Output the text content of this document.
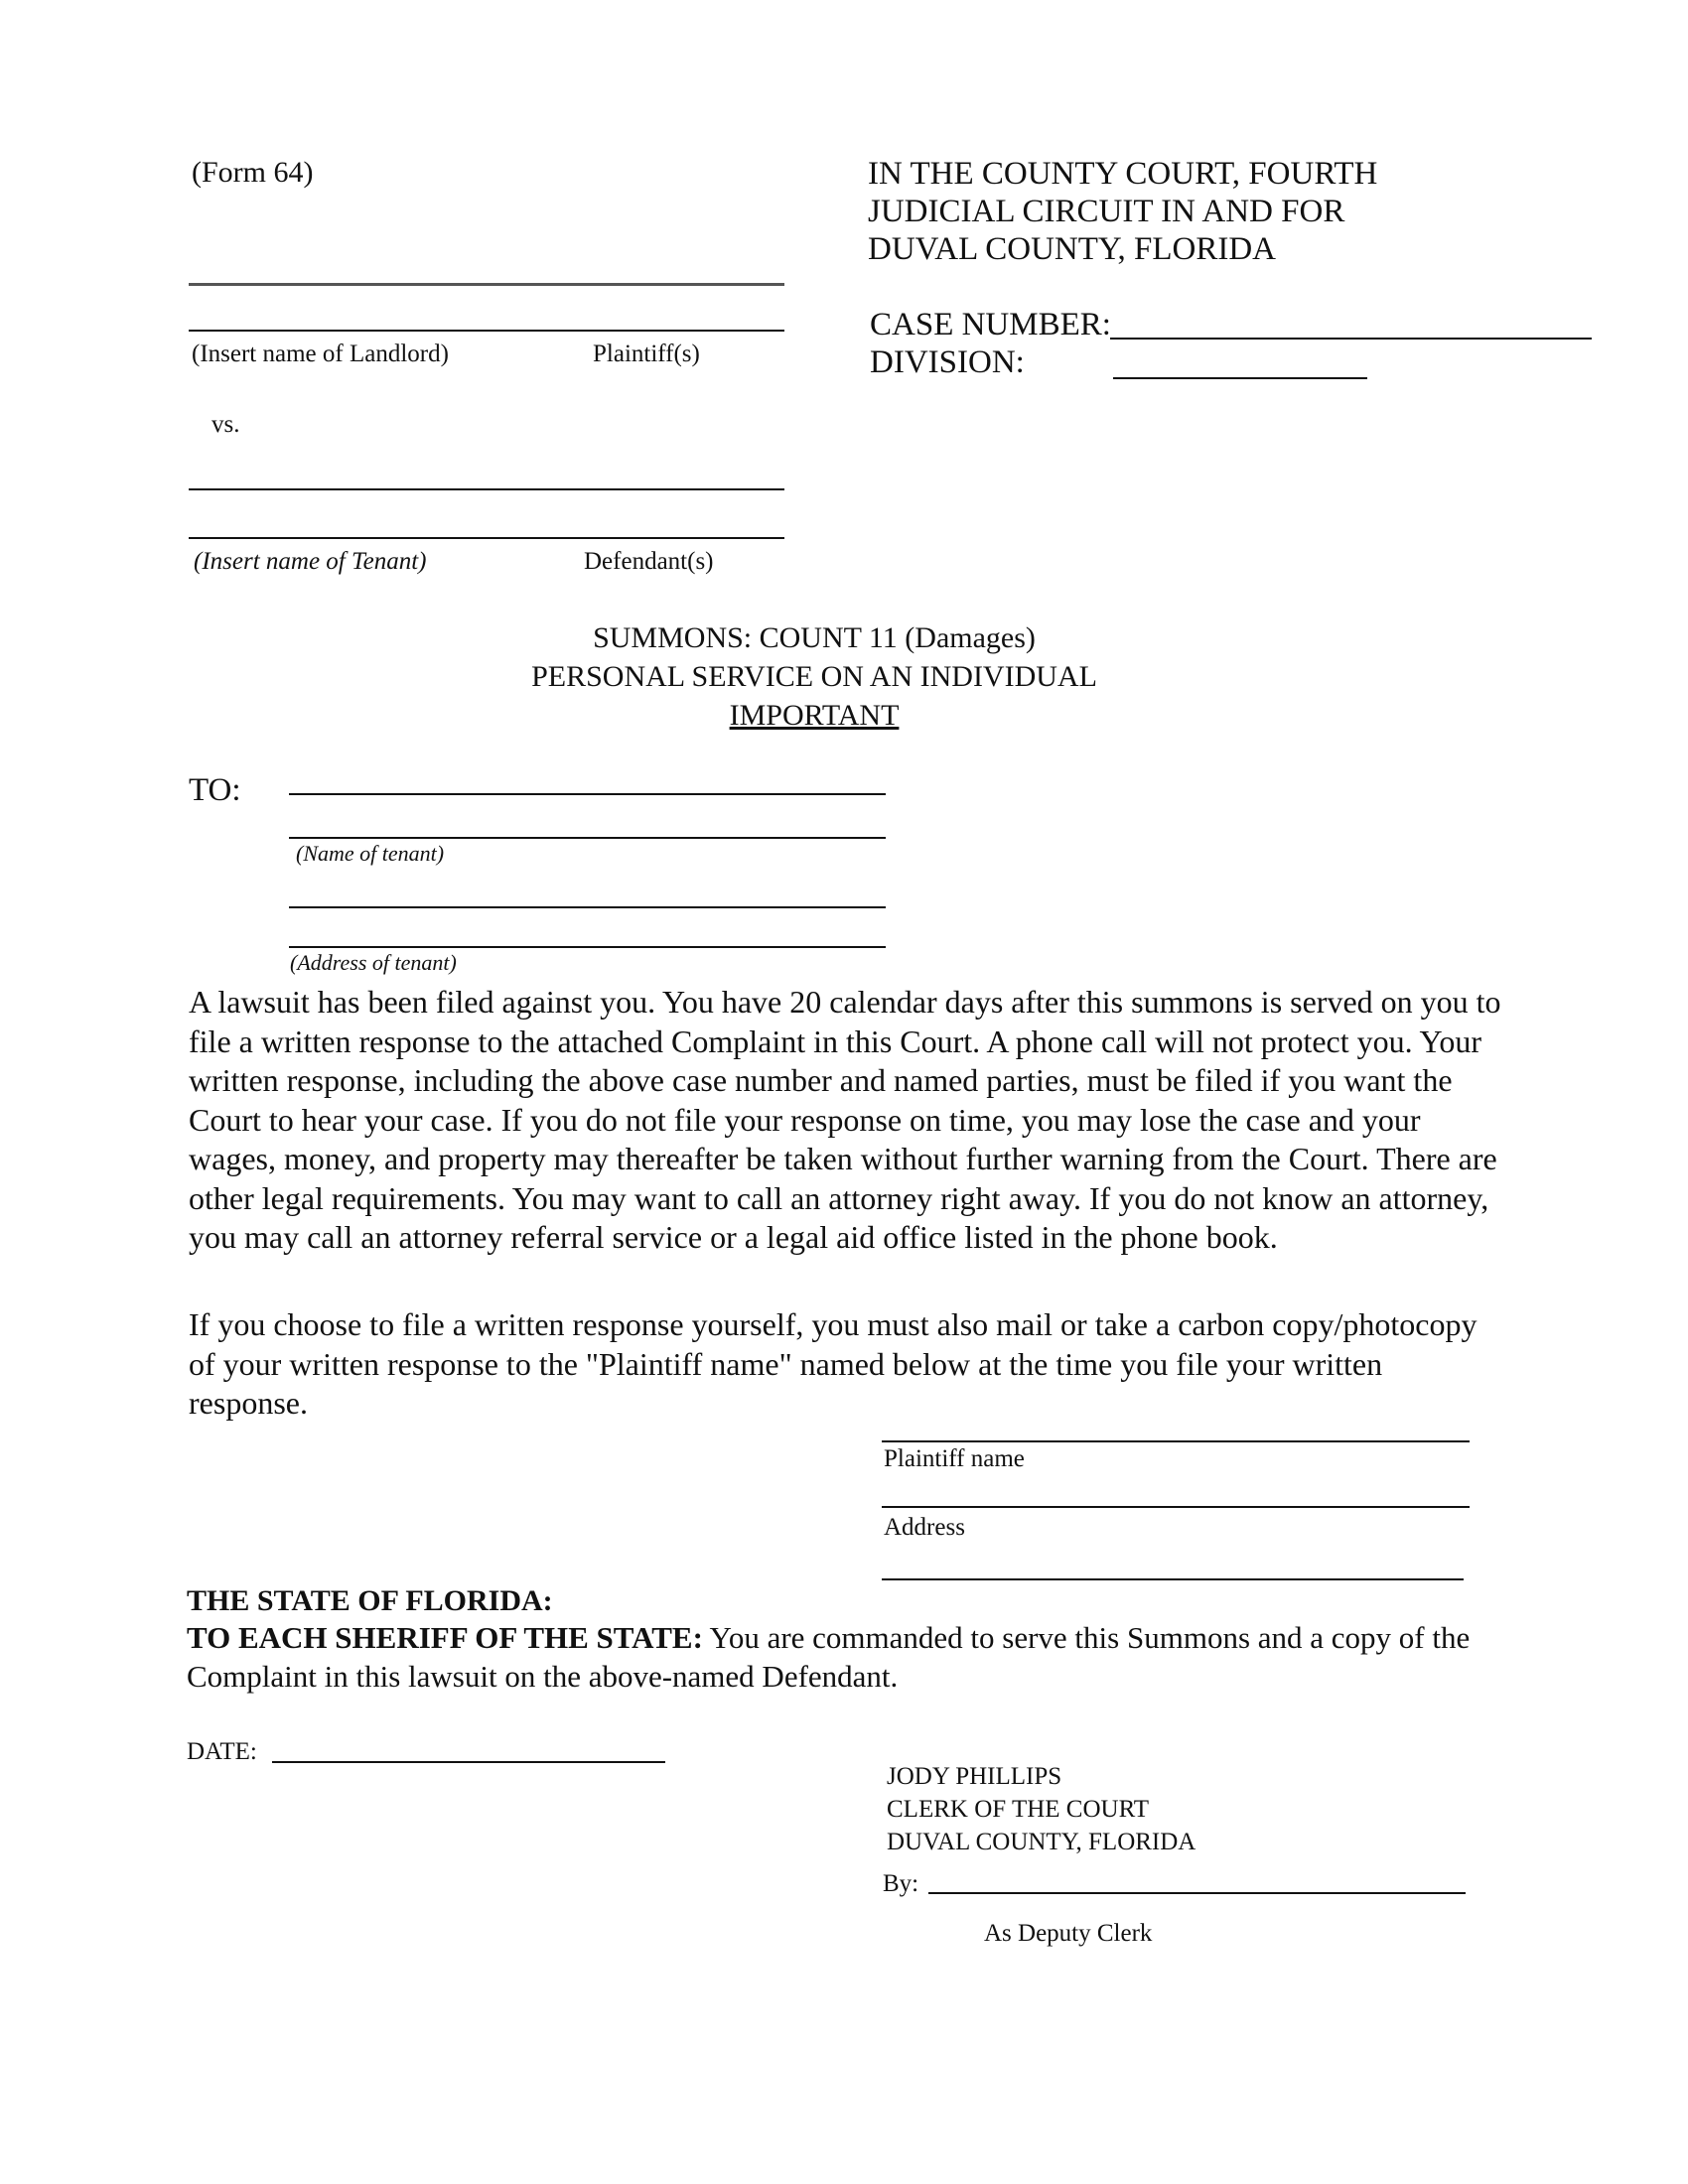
(Form 64)	IN THE COUNTY COURT, FOURTH
JUDICIAL CIRCUIT IN AND FOR
DUVAL COUNTY, FLORIDA
CASE NUMBER:
DIVISION:
(Insert name of Landlord)	Plaintiff(s)
vs.
(Insert name of Tenant)	Defendant(s)
SUMMONS: COUNT 11 (Damages)
PERSONAL SERVICE ON AN INDIVIDUAL
IMPORTANT
TO:
(Name of tenant)
(Address of tenant)
A lawsuit has been filed against you. You have 20 calendar days after this summons is served on you to file a written response to the attached Complaint in this Court. A phone call will not protect you. Your written response, including the above case number and named parties, must be filed if you want the Court to hear your case. If you do not file your response on time, you may lose the case and your wages, money, and property may thereafter be taken without further warning from the Court. There are other legal requirements. You may want to call an attorney right away. If you do not know an attorney, you may call an attorney referral service or a legal aid office listed in the phone book.
If you choose to file a written response yourself, you must also mail or take a carbon copy/photocopy of your written response to the "Plaintiff name" named below at the time you file your written response.
Plaintiff name
Address
THE STATE OF FLORIDA:
TO EACH SHERIFF OF THE STATE: You are commanded to serve this Summons and a copy of the Complaint in this lawsuit on the above-named Defendant.
DATE:
JODY PHILLIPS
CLERK OF THE COURT
DUVAL COUNTY, FLORIDA
By:
As Deputy Clerk
